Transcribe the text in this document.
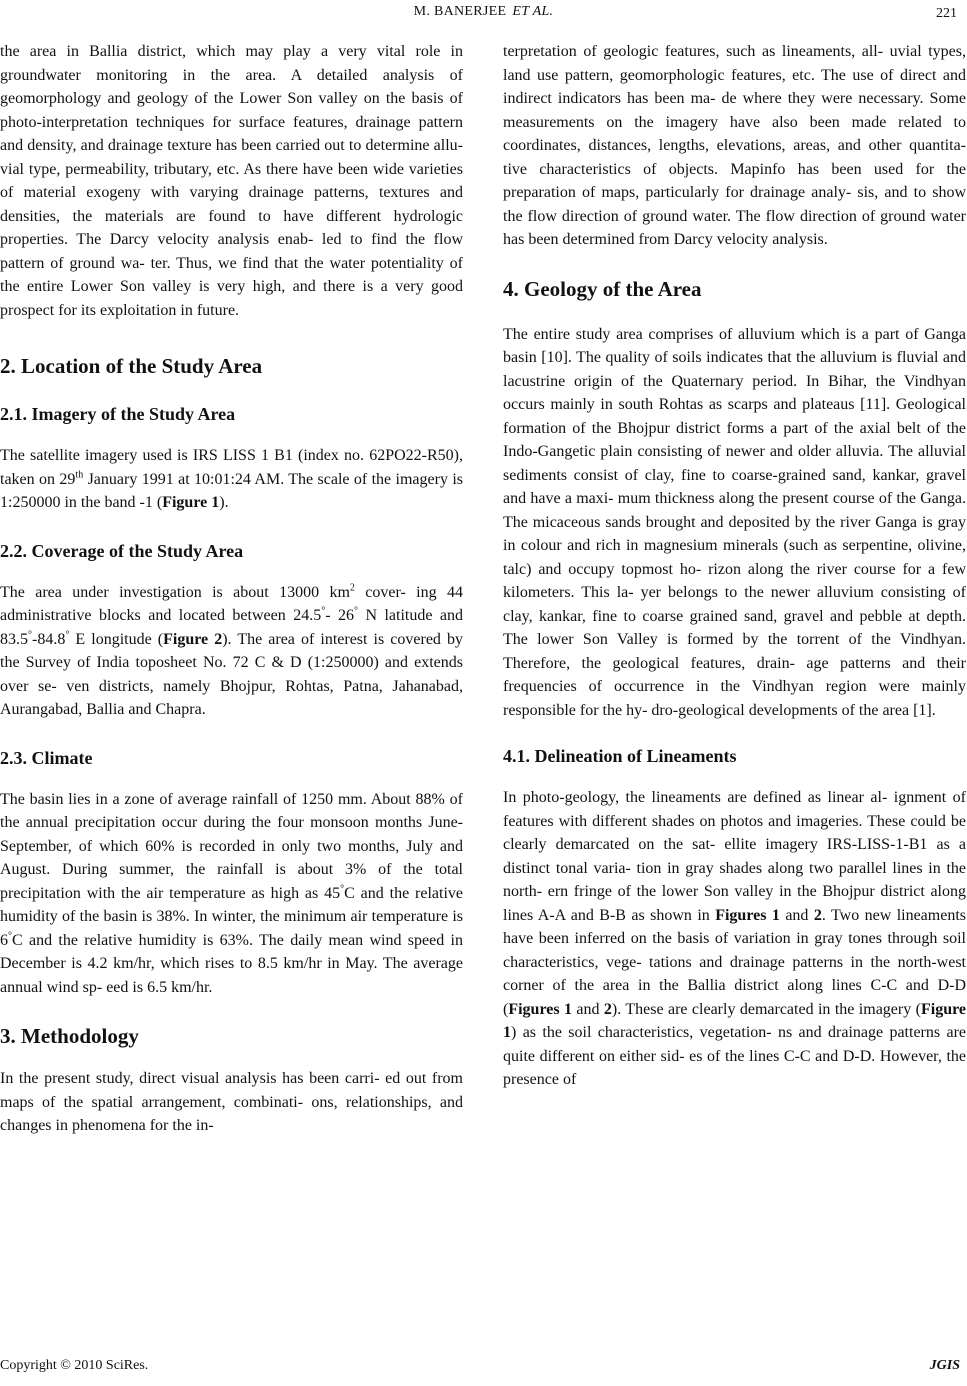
M. BANERJEE ET AL.	221

the area in Ballia district, which may play a very vital role in groundwater monitoring in the area. A detailed analysis of geomorphology and geology of the Lower Son valley on the basis of photo-interpretation techniques for surface features, drainage pattern and density, and drainage texture has been carried out to determine allu- vial type, permeability, tributary, etc. As there have been wide varieties of material exogeny with varying drainage patterns, textures and densities, the materials are found to have different hydrologic properties. The Darcy velocity analysis enab- led to find the flow pattern of ground wa- ter. Thus, we find that the water potentiality of the entire Lower Son valley is very high, and there is a very good prospect for its exploitation in future.

2. Location of the Study Area
2.1. Imagery of the Study Area

The satellite imagery used is IRS LISS 1 B1 (index no. 62PO22-R50), taken on 29th January 1991 at 10:01:24 AM. The scale of the imagery is 1:250000 in the band -1 (Figure 1).

2.2. Coverage of the Study Area

The area under investigation is about 13000 $km^2$ cover- ing 44 administrative blocks and located between 24.5°- 26° N latitude and 83.5°-84.8° E longitude (Figure 2). The area of interest is covered by the Survey of India toposheet No. 72 C & D (1:250000) and extends over se- ven districts, namely Bhojpur, Rohtas, Patna, Jahanabad, Aurangabad, Ballia and Chapra.

2.3. Climate

The basin lies in a zone of average rainfall of 1250 mm. About 88% of the annual precipitation occur during the four monsoon months June-September, of which 60% is recorded in only two months, July and August. During summer, the rainfall is about 3% of the total precipitation with the air temperature as high as 45°C and the relative humidity of the basin is 38%. In winter, the minimum air temperature is 6°C and the relative humidity is 63%. The daily mean wind speed in December is 4.2 km/hr, which rises to 8.5 km/hr in May. The average annual wind sp- eed is 6.5 km/hr.

3. Methodology

In the present study, direct visual analysis has been carri- ed out from maps of the spatial arrangement, combinati- ons, relationships, and changes in phenomena for the in-

terpretation of geologic features, such as lineaments, all- uvial types, land use pattern, geomorphologic features, etc. The use of direct and indirect indicators has been ma- de where they were necessary. Some measurements on the imagery have also been made related to coordinates, distances, lengths, elevations, areas, and other quantita- tive characteristics of objects. Mapinfo has been used for the preparation of maps, particularly for drainage analy- sis, and to show the flow direction of ground water. The flow direction of ground water has been determined from Darcy velocity analysis.

4. Geology of the Area

The entire study area comprises of alluvium which is a part of Ganga basin [10]. The quality of soils indicates that the alluvium is fluvial and lacustrine origin of the Quaternary period. In Bihar, the Vindhyan occurs mainly in south Rohtas as scarps and plateaus [11]. Geological formation of the Bhojpur district forms a part of the axial belt of the Indo-Gangetic plain consisting of newer and older alluvia. The alluvial sediments consist of clay, fine to coarse-grained sand, kankar, gravel and have a maxi- mum thickness along the present course of the Ganga. The micaceous sands brought and deposited by the river Ganga is gray in colour and rich in magnesium minerals (such as serpentine, olivine, talc) and occupy topmost ho- rizon along the river course for a few kilometers. This la- yer belongs to the newer alluvium consisting of clay, kankar, fine to coarse grained sand, gravel and pebble at depth. The lower Son Valley is formed by the torrent of the Vindhyan. Therefore, the geological features, drain- age patterns and their frequencies of occurrence in the Vindhyan region were mainly responsible for the hy- dro-geological developments of the area [1].

4.1. Delineation of Lineaments

In photo-geology, the lineaments are defined as linear al- ignment of features with different shades on photos and imageries. These could be clearly demarcated on the sat- ellite imagery IRS-LISS-1-B1 as a distinct tonal varia- tion in gray shades along two parallel lines in the north- ern fringe of the lower Son valley in the Bhojpur district along lines A-A and B-B as shown in Figures 1 and 2. Two new lineaments have been inferred on the basis of variation in gray tones through soil characteristics, vege- tations and drainage patterns in the north-west corner of the area in the Ballia district along lines C-C and D-D (Figures 1 and 2). These are clearly demarcated in the imagery (Figure 1) as the soil characteristics, vegetation- ns and drainage patterns are quite different on either sid- es of the lines C-C and D-D. However, the presence of

Copyright © 2010 SciRes.	JGIS
